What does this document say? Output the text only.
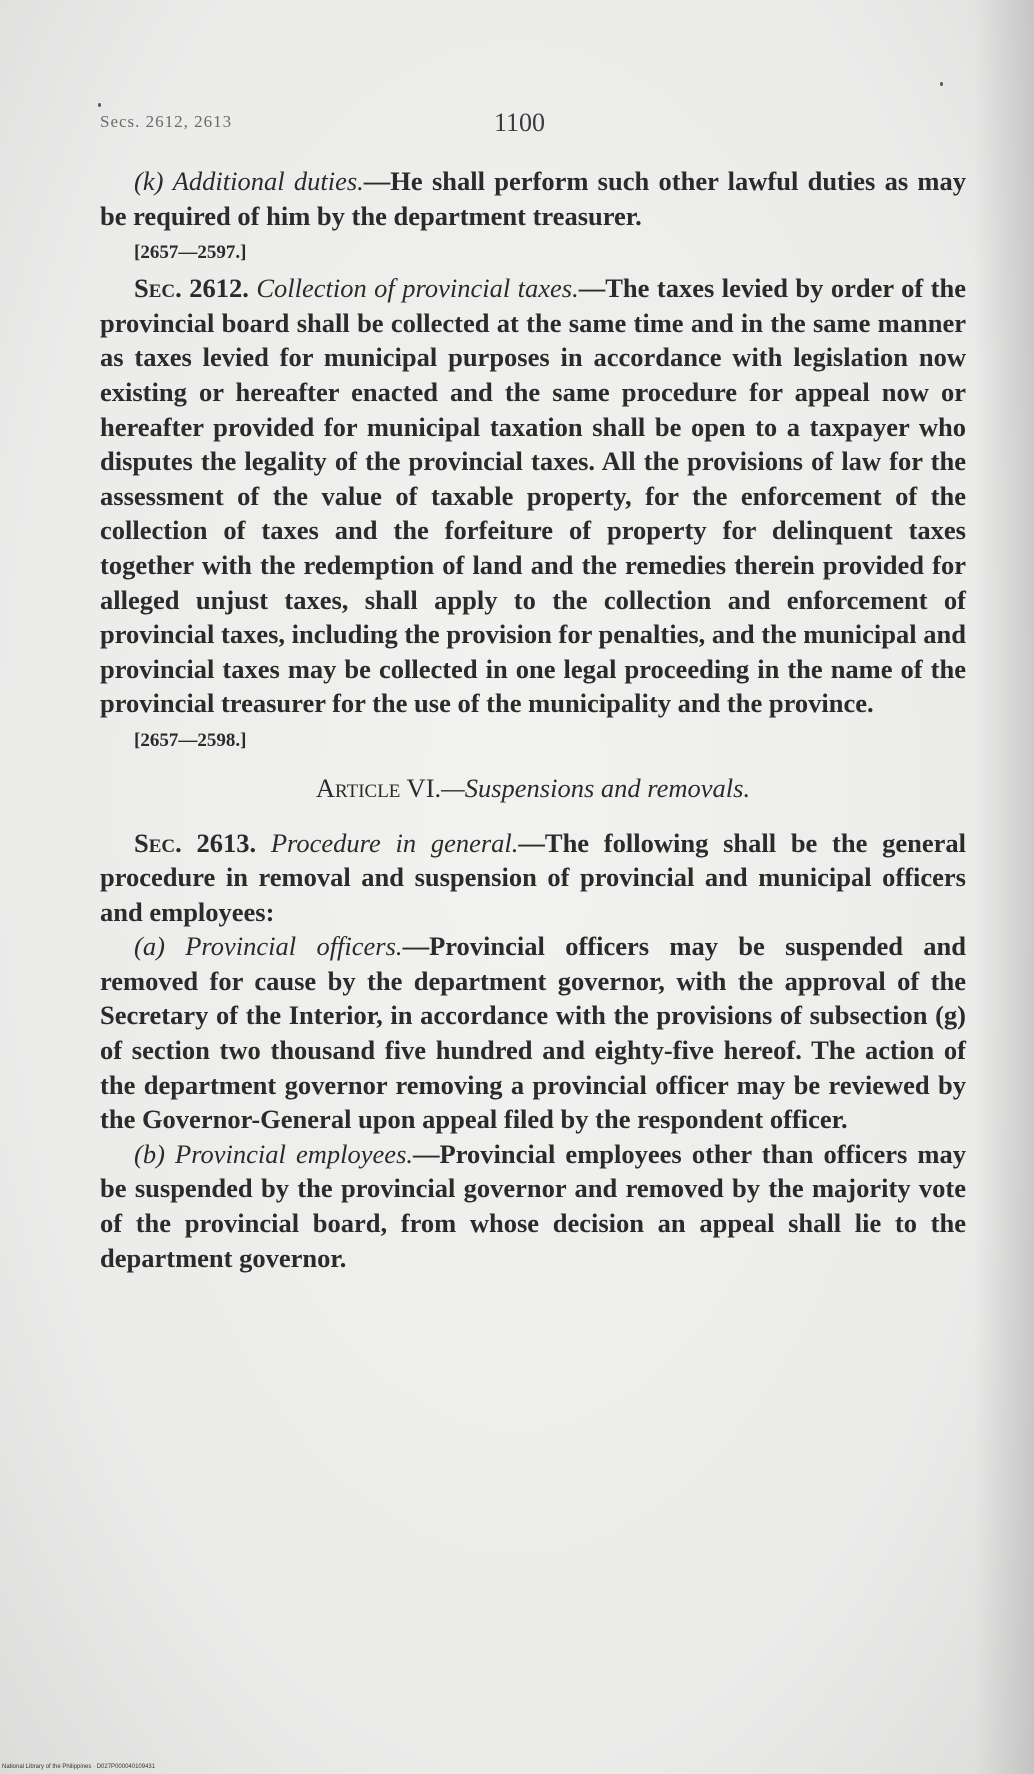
Secs. 2612, 2613	1100

(k) Additional duties.—He shall perform such other lawful duties as may be required of him by the department treasurer.

[2657—2597.]

Sec. 2612. Collection of provincial taxes.—The taxes levied by order of the provincial board shall be collected at the same time and in the same manner as taxes levied for municipal purposes in accordance with legislation now existing or hereafter enacted and the same procedure for appeal now or hereafter provided for municipal taxation shall be open to a taxpayer who disputes the legality of the provincial taxes. All the provisions of law for the assessment of the value of taxable property, for the enforcement of the collection of taxes and the forfeiture of property for delinquent taxes together with the redemption of land and the remedies therein provided for alleged unjust taxes, shall apply to the collection and enforcement of provincial taxes, including the provision for penalties, and the municipal and provincial taxes may be collected in one legal proceeding in the name of the provincial treasurer for the use of the municipality and the province.

[2657—2598.]

Article VI.—Suspensions and removals.

Sec. 2613. Procedure in general.—The following shall be the general procedure in removal and suspension of provincial and municipal officers and employees:

(a) Provincial officers.—Provincial officers may be suspended and removed for cause by the department governor, with the approval of the Secretary of the Interior, in accordance with the provisions of subsection (g) of section two thousand five hundred and eighty-five hereof. The action of the department governor removing a provincial officer may be reviewed by the Governor-General upon appeal filed by the respondent officer.

(b) Provincial employees.—Provincial employees other than officers may be suspended by the provincial governor and removed by the majority vote of the provincial board, from whose decision an appeal shall lie to the department governor.

National Library of the Philippines · D027P000040109431
